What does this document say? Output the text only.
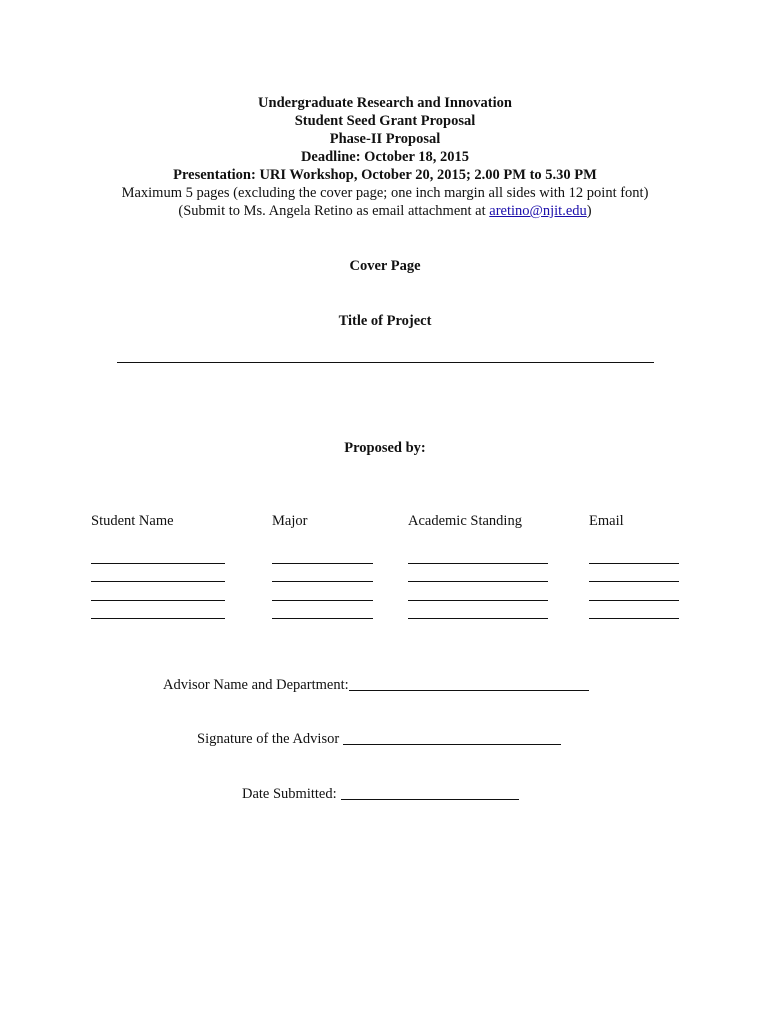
Undergraduate Research and Innovation
Student Seed Grant Proposal
Phase-II Proposal
Deadline: October 18, 2015
Presentation: URI Workshop, October 20, 2015; 2.00 PM to 5.30 PM
Maximum 5 pages (excluding the cover page; one inch margin all sides with 12 point font)
(Submit to Ms. Angela Retino as email attachment at aretino@njit.edu)
Cover Page
Title of Project
Proposed by:
Student Name	Major	Academic Standing	Email
Advisor Name and Department:
Signature of the Advisor
Date Submitted:
